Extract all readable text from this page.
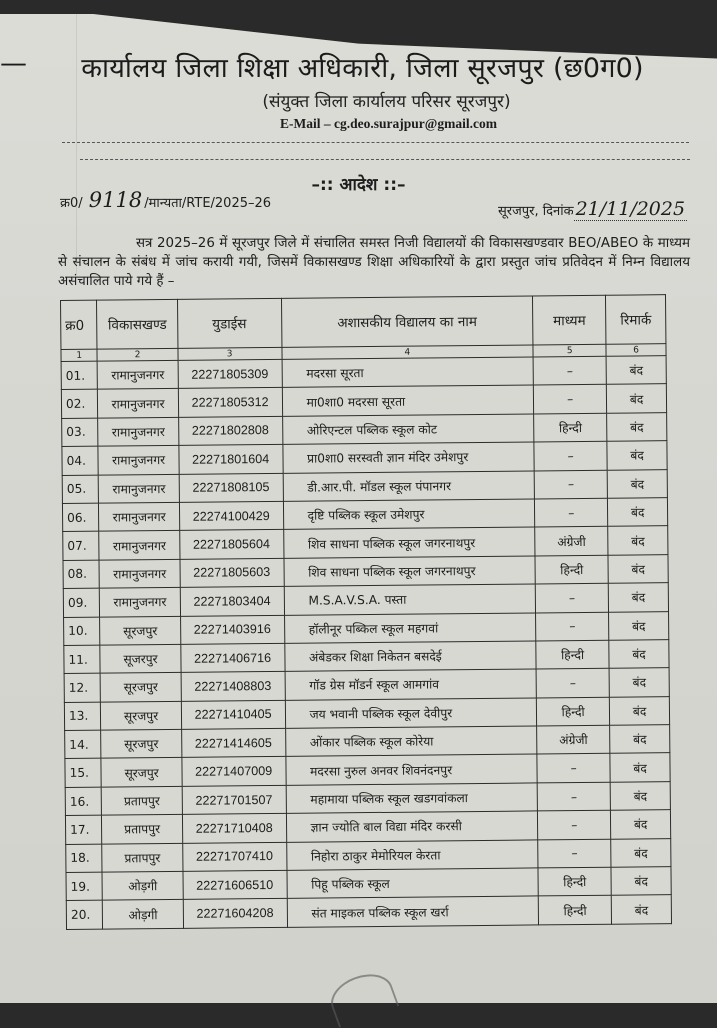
— कार्यालय जिला शिक्षा अधिकारी, जिला सूरजपुर (छ0ग0)
(संयुक्त जिला कार्यालय परिसर सूरजपुर)
E-Mail – cg.deo.surajpur@gmail.com
–:: आदेश ::–
क्र0/ 9118 /मान्यता/RTE/2025–26
सूरजपुर, दिनांक 21/11/2025
सत्र 2025–26 में सूरजपुर जिले में संचालित समस्त निजी विद्यालयों की विकासखण्डवार BEO/ABEO के माध्यम से संचालन के संबंध में जांच करायी गयी, जिसमें विकासखण्ड शिक्षा अधिकारियों के द्वारा प्रस्तुत जांच प्रतिवेदन में निम्न विद्यालय असंचालित पाये गये हैं –
क्र0	विकासखण्ड	युडाईस	अशासकीय विद्यालय का नाम	माध्यम	रिमार्क
1	2	3	4	5	6
01.	रामानुजनगर	22271805309	मदरसा सूरता	–	बंद
02.	रामानुजनगर	22271805312	मा0शा0 मदरसा सूरता	–	बंद
03.	रामानुजनगर	22271802808	ओरिएन्टल पब्लिक स्कूल कोट	हिन्दी	बंद
04.	रामानुजनगर	22271801604	प्रा0शा0 सरस्वती ज्ञान मंदिर उमेशपुर	–	बंद
05.	रामानुजनगर	22271808105	डी.आर.पी. मॉडल स्कूल पंपानगर	–	बंद
06.	रामानुजनगर	22274100429	दृष्टि पब्लिक स्कूल उमेशपुर	–	बंद
07.	रामानुजनगर	22271805604	शिव साधना पब्लिक स्कूल जगरनाथपुर	अंग्रेजी	बंद
08.	रामानुजनगर	22271805603	शिव साधना पब्लिक स्कूल जगरनाथपुर	हिन्दी	बंद
09.	रामानुजनगर	22271803404	M.S.A.V.S.A. पस्ता	–	बंद
10.	सूरजपुर	22271403916	हॉलीनूर पब्किल स्कूल महगवां	–	बंद
11.	सूजरपुर	22271406716	अंबेडकर शिक्षा निकेतन बसदेई	हिन्दी	बंद
12.	सूरजपुर	22271408803	गॉड ग्रेस मॉडर्न स्कूल आमगांव	–	बंद
13.	सूरजपुर	22271410405	जय भवानी पब्लिक स्कूल देवीपुर	हिन्दी	बंद
14.	सूरजपुर	22271414605	ओंकार पब्लिक स्कूल कोरेया	अंग्रेजी	बंद
15.	सूरजपुर	22271407009	मदरसा नुरुल अनवर शिवनंदनपुर	–	बंद
16.	प्रतापपुर	22271701507	महामाया पब्लिक स्कूल खडगवांकला	–	बंद
17.	प्रतापपुर	22271710408	ज्ञान ज्योति बाल विद्या मंदिर करसी	–	बंद
18.	प्रतापपुर	22271707410	निहोरा ठाकुर मेमोरियल केरता	–	बंद
19.	ओड़गी	22271606510	पिहू पब्लिक स्कूल	हिन्दी	बंद
20.	ओड़गी	22271604208	संत माइकल पब्लिक स्कूल खर्रा	हिन्दी	बंद
